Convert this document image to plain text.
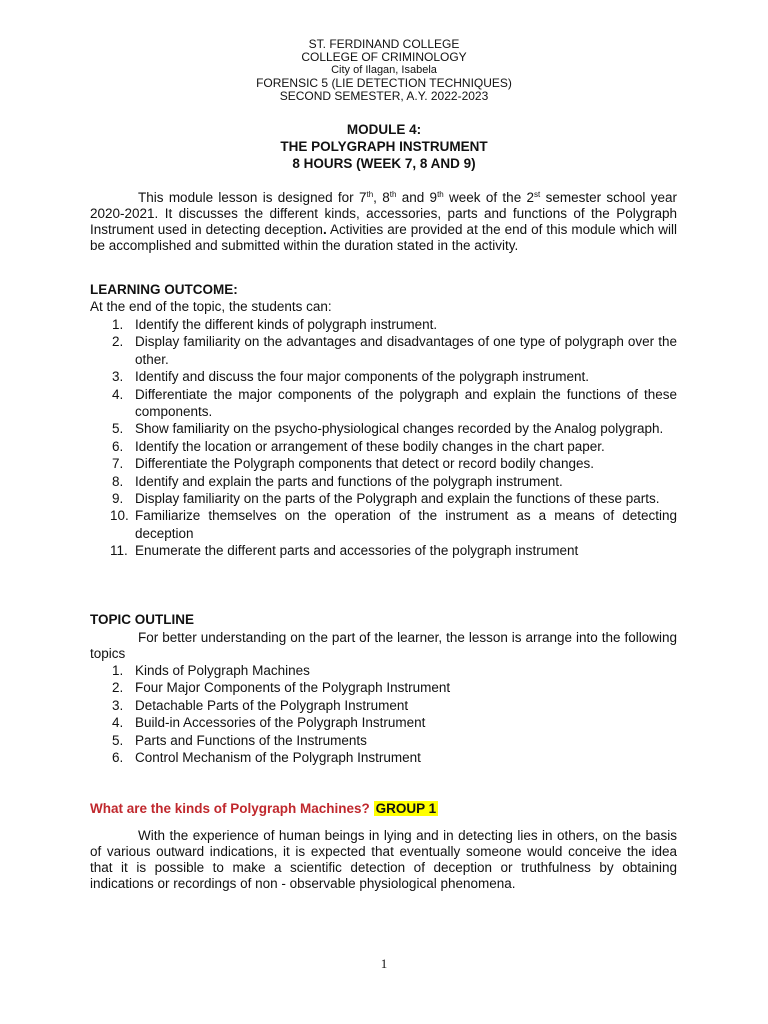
ST. FERDINAND COLLEGE
COLLEGE OF CRIMINOLOGY
City of Ilagan, Isabela
FORENSIC 5 (LIE DETECTION TECHNIQUES)
SECOND SEMESTER, A.Y. 2022-2023
MODULE 4:
THE POLYGRAPH INSTRUMENT
8 HOURS (WEEK 7, 8 AND 9)
This module lesson is designed for 7th, 8th and 9th week of the 2st semester school year 2020-2021. It discusses the different kinds, accessories, parts and functions of the Polygraph Instrument used in detecting deception. Activities are provided at the end of this module which will be accomplished and submitted within the duration stated in the activity.
LEARNING OUTCOME:
At the end of the topic, the students can:
1. Identify the different kinds of polygraph instrument.
2. Display familiarity on the advantages and disadvantages of one type of polygraph over the other.
3. Identify and discuss the four major components of the polygraph instrument.
4. Differentiate the major components of the polygraph and explain the functions of these components.
5. Show familiarity on the psycho-physiological changes recorded by the Analog polygraph.
6. Identify the location or arrangement of these bodily changes in the chart paper.
7. Differentiate the Polygraph components that detect or record bodily changes.
8. Identify and explain the parts and functions of the polygraph instrument.
9. Display familiarity on the parts of the Polygraph and explain the functions of these parts.
10. Familiarize themselves on the operation of the instrument as a means of detecting deception
11. Enumerate the different parts and accessories of the polygraph instrument
TOPIC OUTLINE
For better understanding on the part of the learner, the lesson is arrange into the following topics
1. Kinds of Polygraph Machines
2. Four Major Components of the Polygraph Instrument
3. Detachable Parts of the Polygraph Instrument
4. Build-in Accessories of the Polygraph Instrument
5. Parts and Functions of the Instruments
6. Control Mechanism of the Polygraph Instrument
What are the kinds of Polygraph Machines? GROUP 1
With the experience of human beings in lying and in detecting lies in others, on the basis of various outward indications, it is expected that eventually someone would conceive the idea that it is possible to make a scientific detection of deception or truthfulness by obtaining indications or recordings of non - observable physiological phenomena.
1
